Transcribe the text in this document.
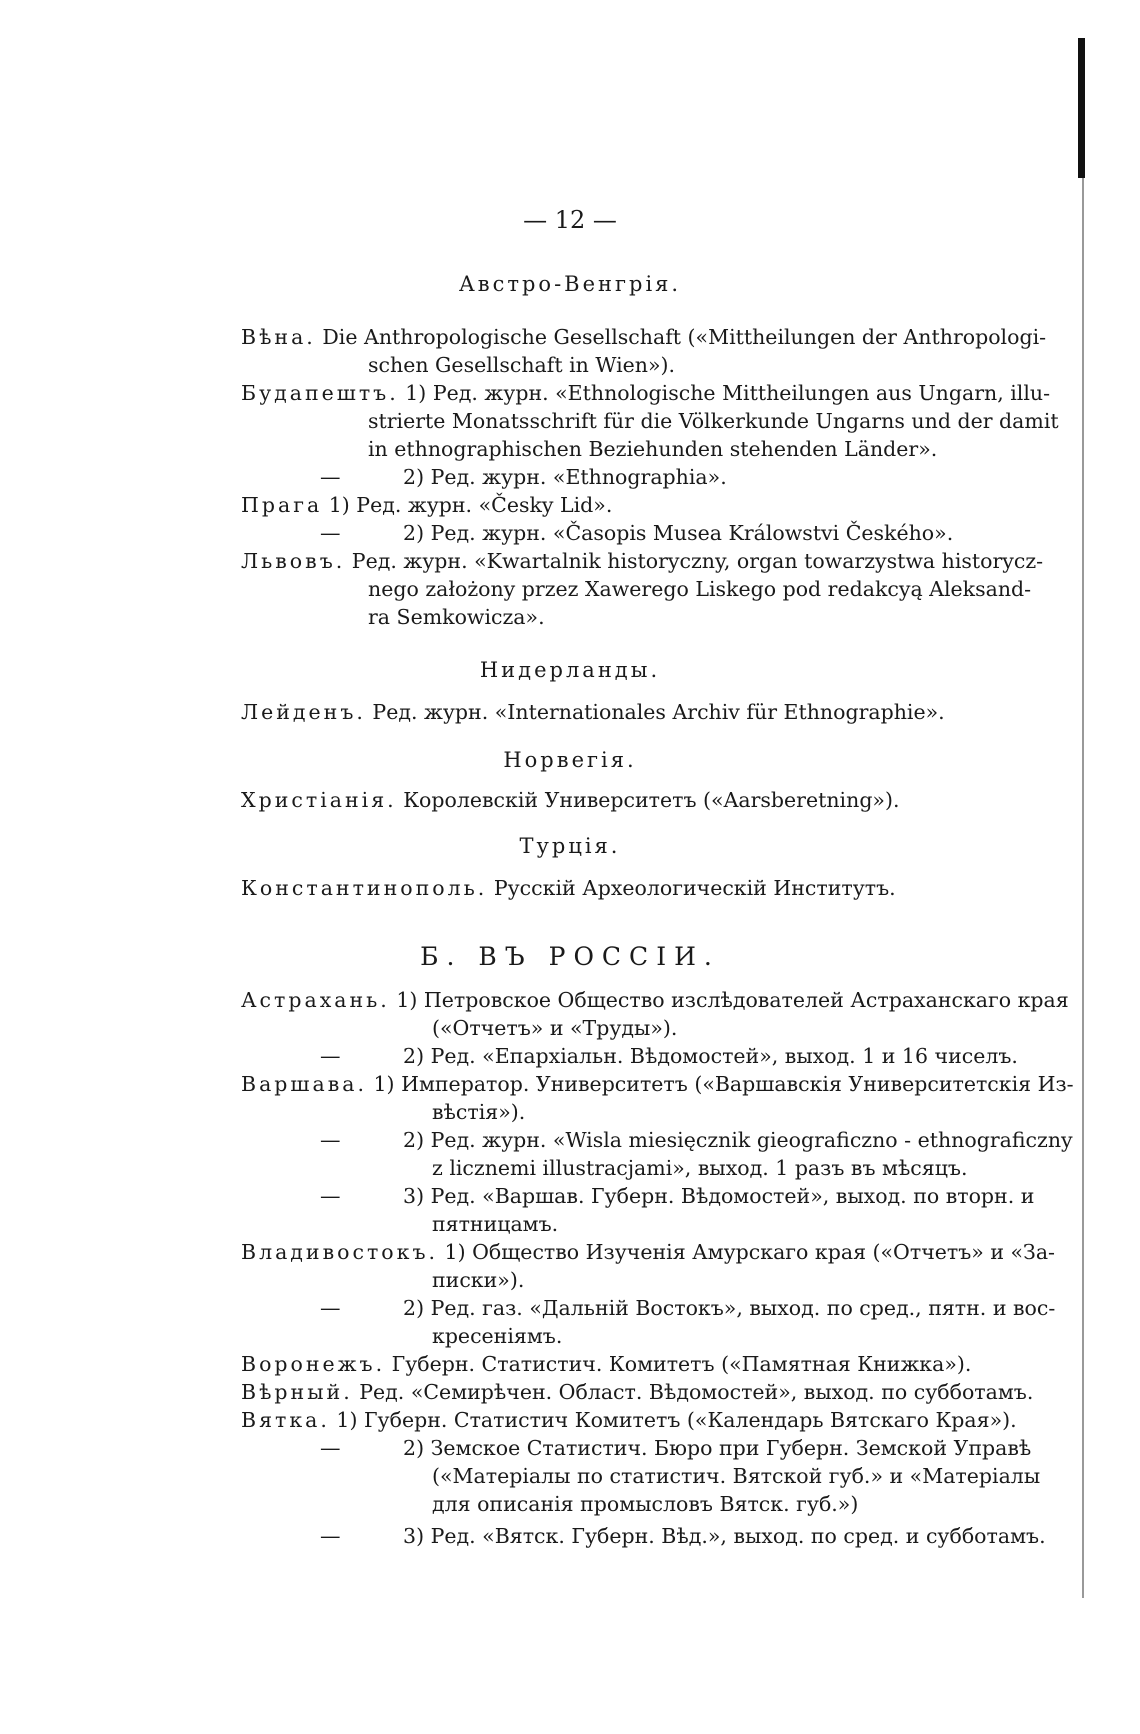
— 12 —
Австро-Венгрія.
Вѣна. Die Anthropologische Gesellschaft («Mittheilungen der Anthropologi-
schen Gesellschaft in Wien»).
Будапештъ. 1) Ред. журн. «Ethnologische Mittheilungen aus Ungarn, illu-
strierte Monatsschrift für die Völkerkunde Ungarns und der damit
in ethnographischen Beziehunden stehenden Länder».
—	2) Ред. журн. «Ethnographia».
Прага 1) Ред. журн. «Česky Lid».
—	2) Ред. журн. «Časopis Musea Králowstvi Českého».
Львовъ. Ред. журн. «Kwartalnik historyczny, organ towarzystwa historycz-
nego założony przez Xawerego Liskego pod redakcyą Aleksand-
ra Semkowicza».
Нидерланды.
Лейденъ. Ред. журн. «Internationales Archiv für Ethnographie».
Норвегія.
Христіанія. Королевскій Университетъ («Aarsberetning»).
Турція.
Константинополь. Русскій Археологическій Институтъ.
Б. ВЪ РОССІИ.
Астрахань. 1) Петровское Общество изслѣдователей Астраханскаго края
(«Отчетъ» и «Труды»).
—	2) Ред. «Епархіальн. Вѣдомостей», выход. 1 и 16 чиселъ.
Варшава. 1) Император. Университетъ («Варшавскія Университетскія Из-
вѣстія»).
—	2) Ред. журн. «Wisla miesięcznik gieograficzno - ethnograficzny
z licznemi illustracjami», выход. 1 разъ въ мѣсяцъ.
—	3) Ред. «Варшав. Губерн. Вѣдомостей», выход. по вторн. и
пятницамъ.
Владивостокъ. 1) Общество Изученія Амурскаго края («Отчетъ» и «За-
писки»).
—	2) Ред. газ. «Дальній Востокъ», выход. по сред., пятн. и вос-
кресеніямъ.
Воронежъ. Губерн. Статистич. Комитетъ («Памятная Книжка»).
Вѣрный. Ред. «Семирѣчен. Област. Вѣдомостей», выход. по субботамъ.
Вятка. 1) Губерн. Статистич Комитетъ («Календарь Вятскаго Края»).
—	2) Земское Статистич. Бюро при Губерн. Земской Управѣ
(«Матеріалы по статистич. Вятской губ.» и «Матеріалы
для описанія промысловъ Вятск. губ.»)
—	3) Ред. «Вятск. Губерн. Вѣд.», выход. по сред. и субботамъ.
